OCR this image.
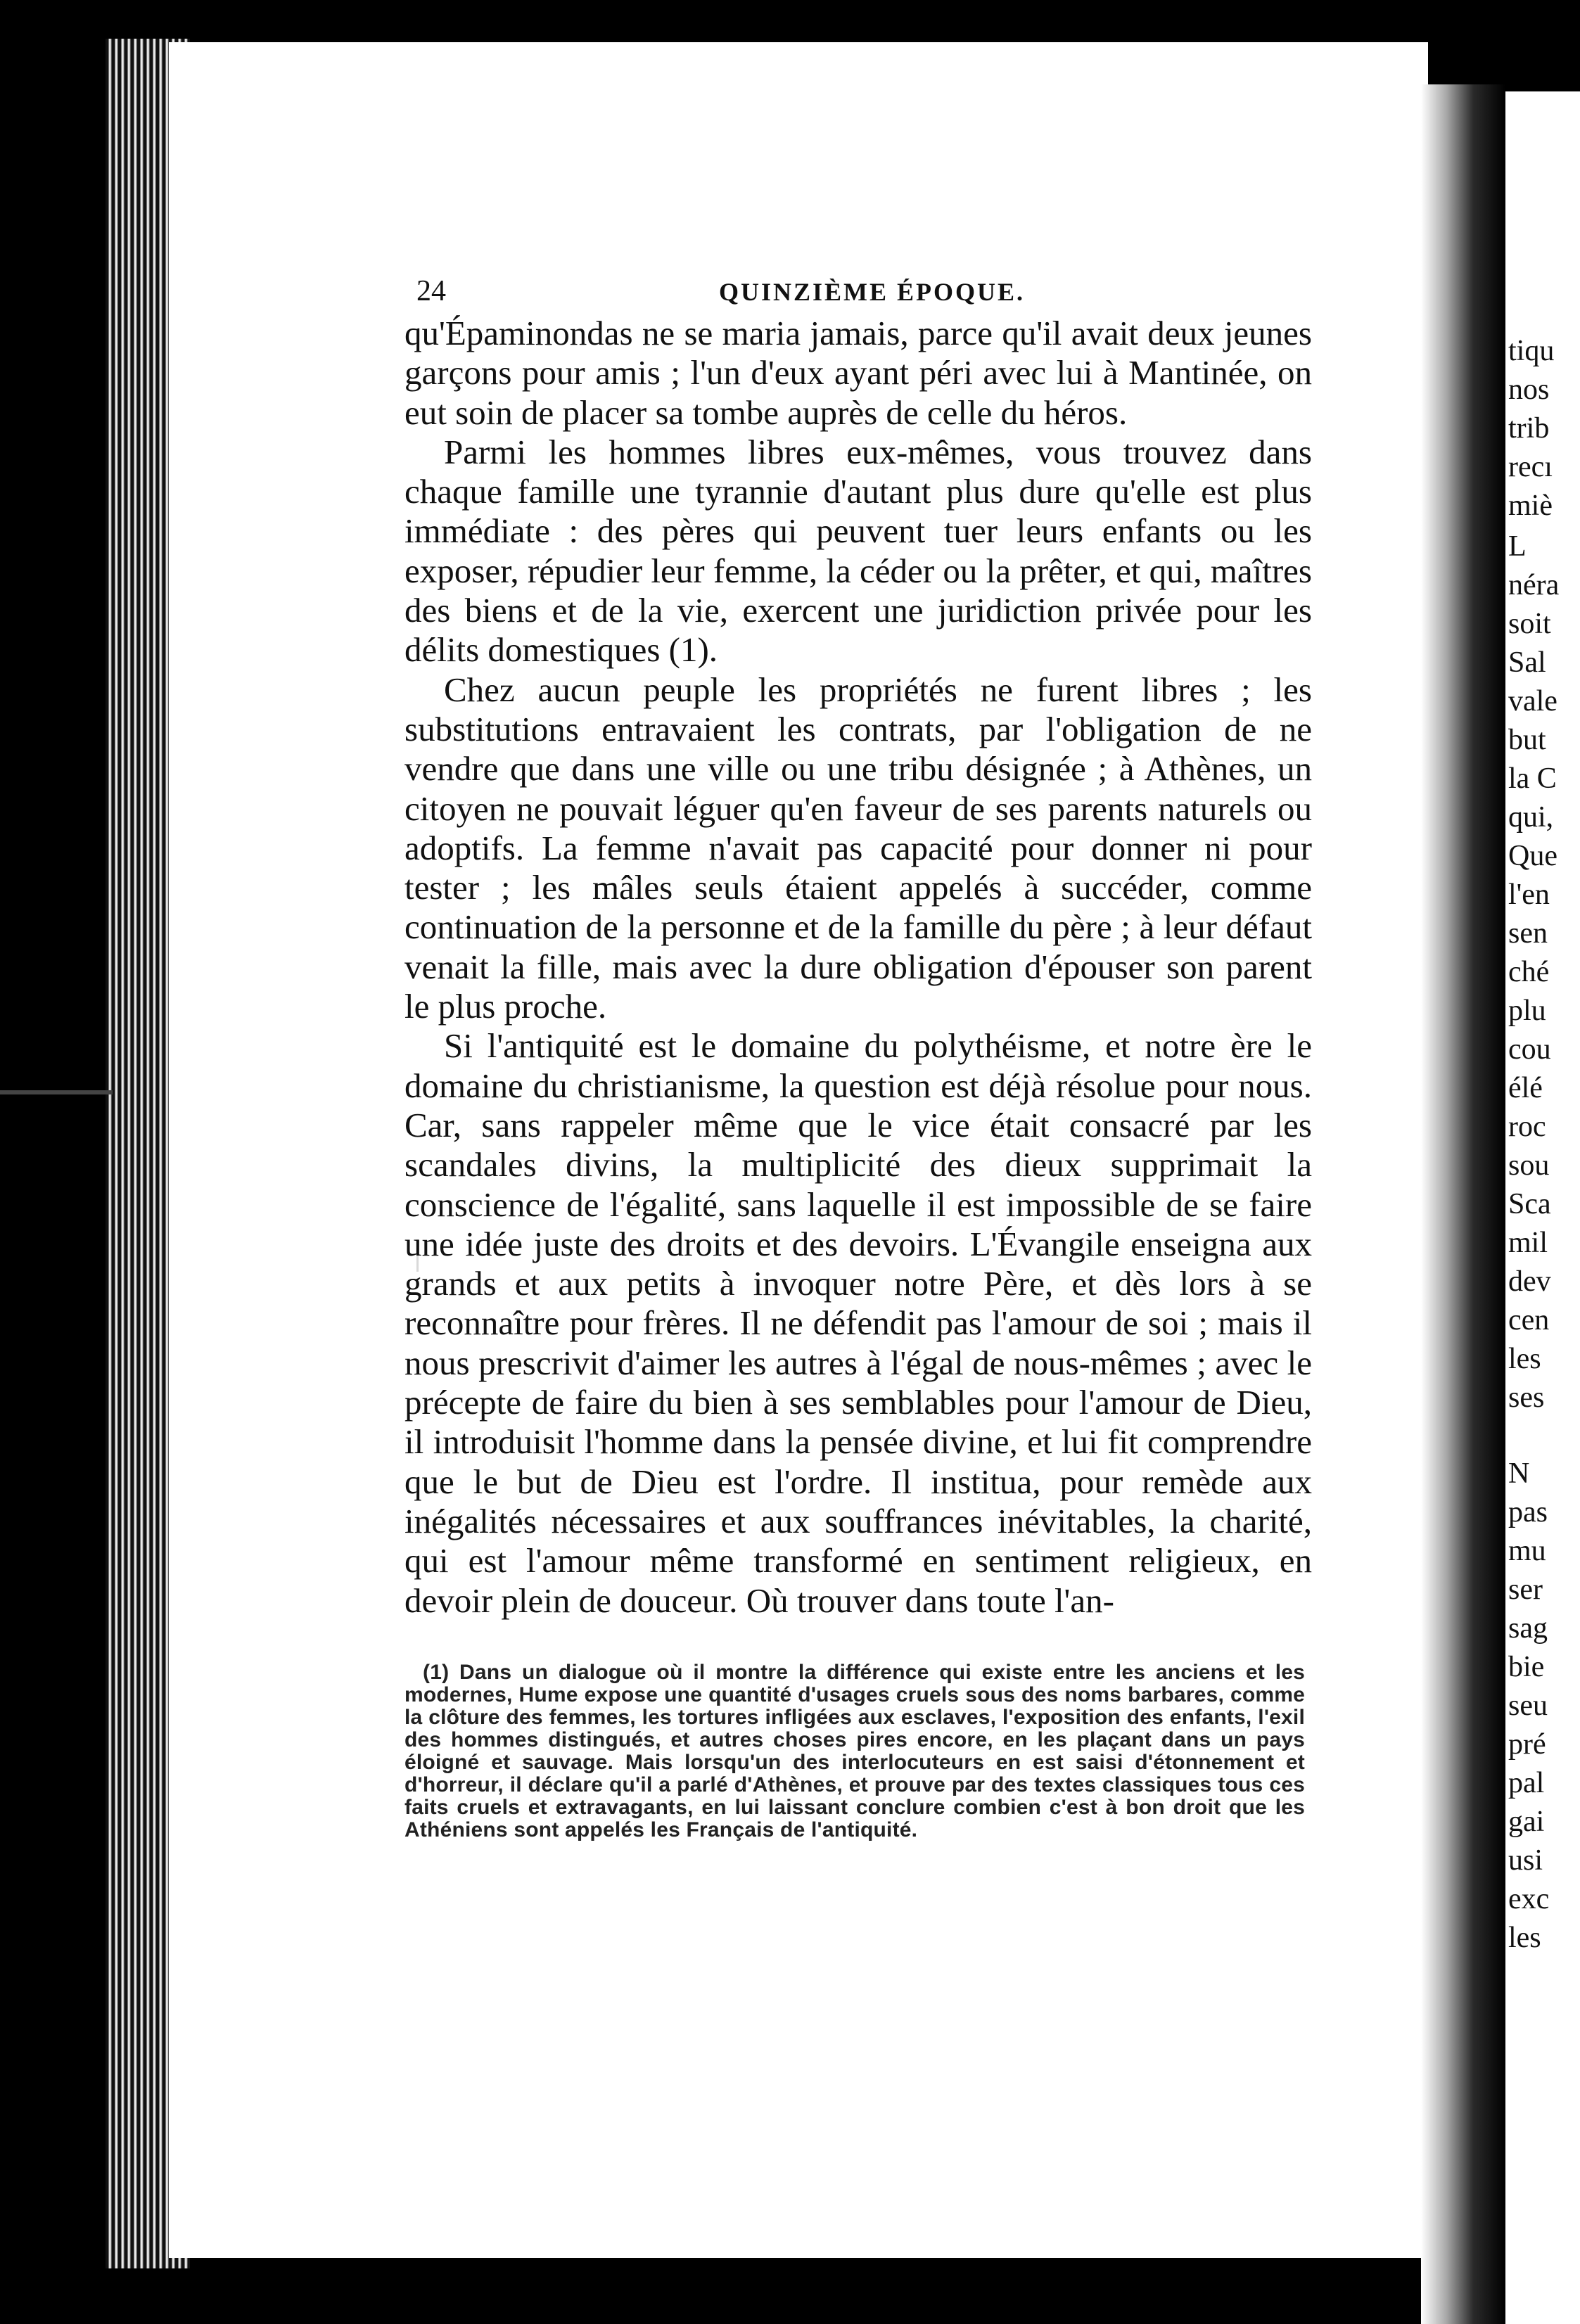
24	QUINZIÈME ÉPOQUE.

qu'Épaminondas ne se maria jamais, parce qu'il avait deux jeunes garçons pour amis ; l'un d'eux ayant péri avec lui à Mantinée, on eut soin de placer sa tombe auprès de celle du héros.

Parmi les hommes libres eux-mêmes, vous trouvez dans chaque famille une tyrannie d'autant plus dure qu'elle est plus immédiate : des pères qui peuvent tuer leurs enfants ou les exposer, répudier leur femme, la céder ou la prêter, et qui, maîtres des biens et de la vie, exercent une juridiction privée pour les délits domestiques (1).

Chez aucun peuple les propriétés ne furent libres ; les substitutions entravaient les contrats, par l'obligation de ne vendre que dans une ville ou une tribu désignée ; à Athènes, un citoyen ne pouvait léguer qu'en faveur de ses parents naturels ou adoptifs. La femme n'avait pas capacité pour donner ni pour tester ; les mâles seuls étaient appelés à succéder, comme continuation de la personne et de la famille du père ; à leur défaut venait la fille, mais avec la dure obligation d'épouser son parent le plus proche.

Si l'antiquité est le domaine du polythéisme, et notre ère le domaine du christianisme, la question est déjà résolue pour nous. Car, sans rappeler même que le vice était consacré par les scandales divins, la multiplicité des dieux supprimait la conscience de l'égalité, sans laquelle il est impossible de se faire une idée juste des droits et des devoirs. L'Évangile enseigna aux grands et aux petits à invoquer notre Père, et dès lors à se reconnaître pour frères. Il ne défendit pas l'amour de soi ; mais il nous prescrivit d'aimer les autres à l'égal de nous-mêmes ; avec le précepte de faire du bien à ses semblables pour l'amour de Dieu, il introduisit l'homme dans la pensée divine, et lui fit comprendre que le but de Dieu est l'ordre. Il institua, pour remède aux inégalités nécessaires et aux souffrances inévitables, la charité, qui est l'amour même transformé en sentiment religieux, en devoir plein de douceur. Où trouver dans toute l'an-

(1) Dans un dialogue où il montre la différence qui existe entre les anciens et les modernes, Hume expose une quantité d'usages cruels sous des noms barbares, comme la clôture des femmes, les tortures infligées aux esclaves, l'exposition des enfants, l'exil des hommes distingués, et autres choses pires encore, en les plaçant dans un pays éloigné et sauvage. Mais lorsqu'un des interlocuteurs en est saisi d'étonnement et d'horreur, il déclare qu'il a parlé d'Athènes, et prouve par des textes classiques tous ces faits cruels et extravagants, en lui laissant conclure combien c'est à bon droit que les Athéniens sont appelés les Français de l'antiquité.

tiqu
nos
trib
recı
miè
L
néra
soit
Sal
vale
but
la C
qui,
Que
l'en
sen
ché
plu
cou
élé
roc
sou
Sca
mil
dev
cen
les
ses
N
pas
mu
ser
sag
bie
seu
pré
pal
gai
usi
exc
les
